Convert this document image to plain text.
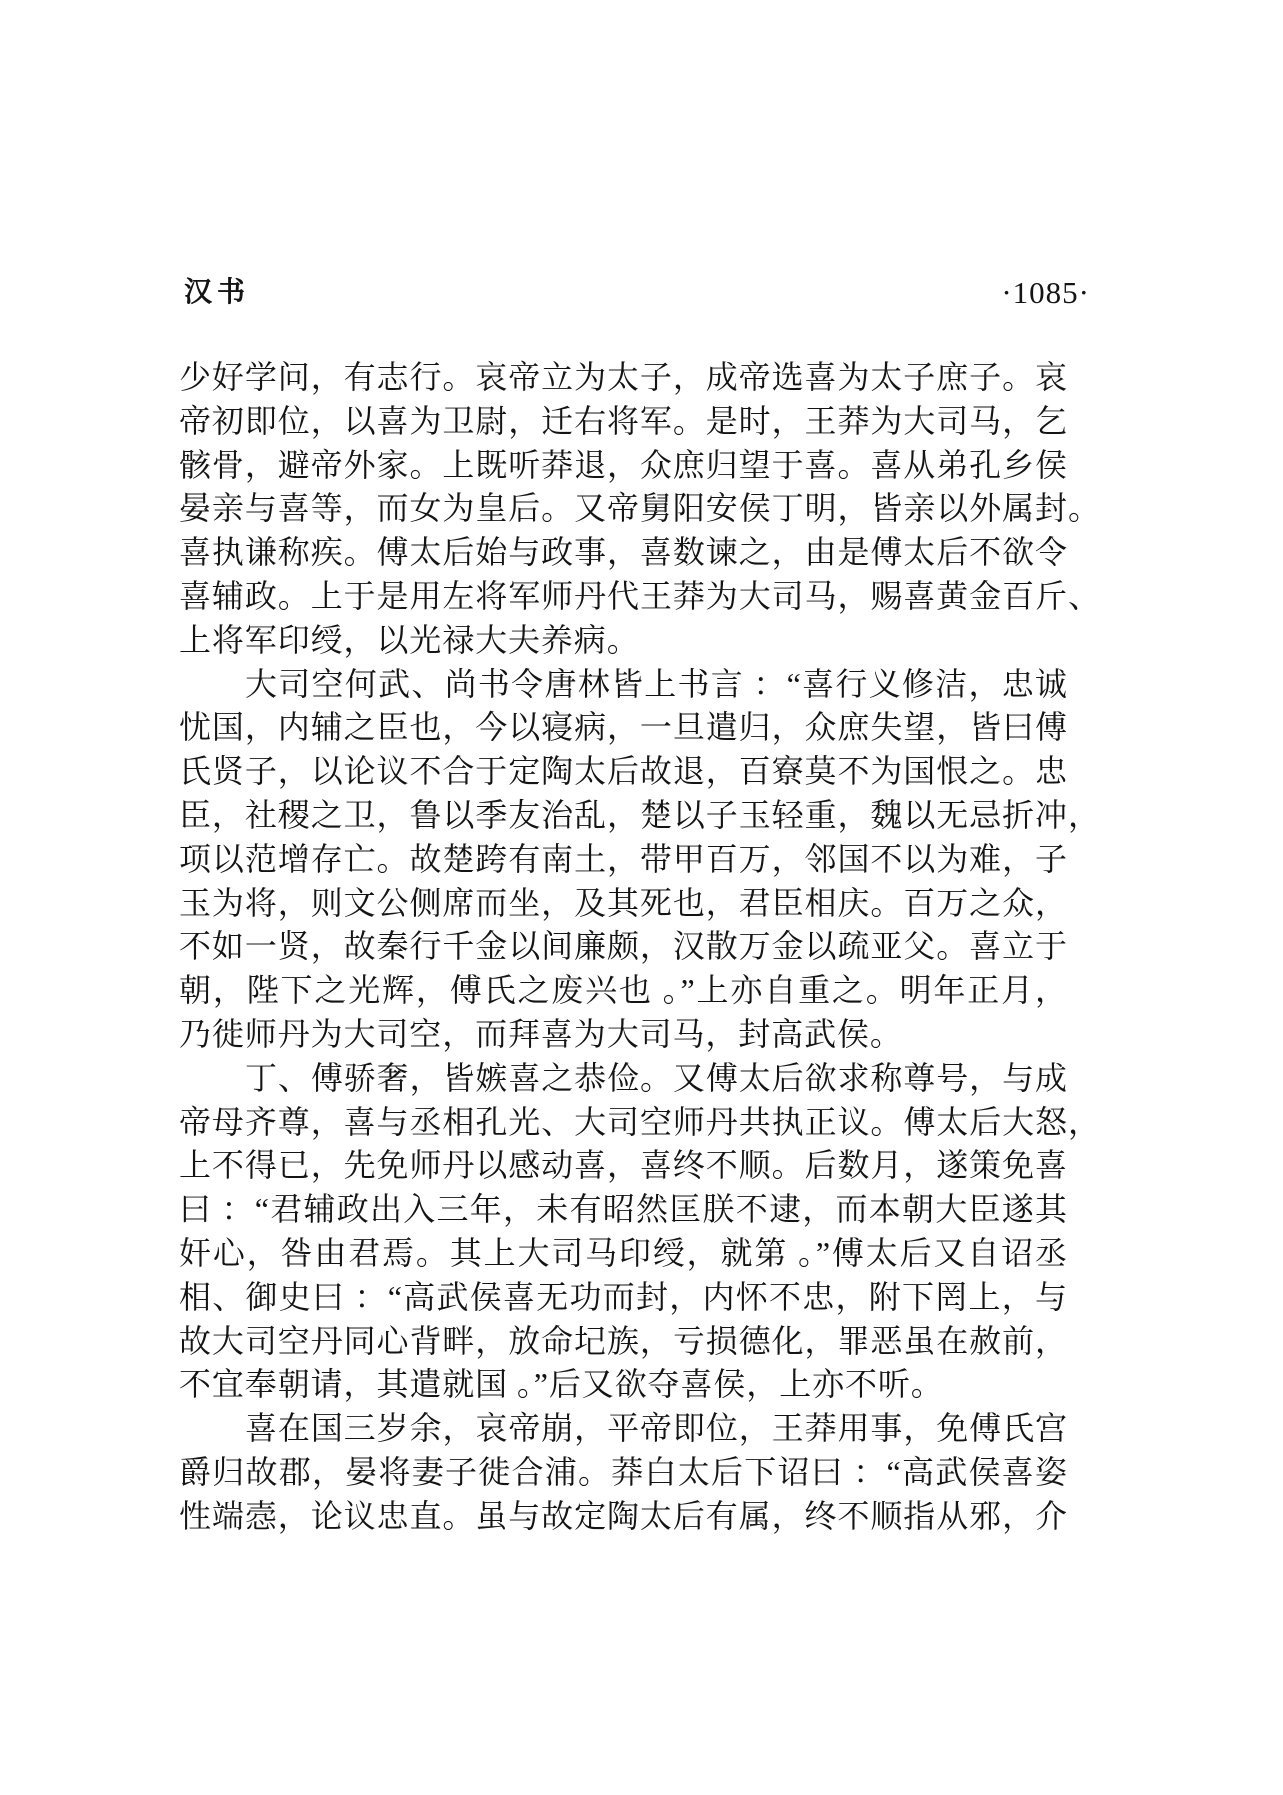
汉书	·1085·
少好学问，有志行。哀帝立为太子，成帝选喜为太子庶子。哀
帝初即位，以喜为卫尉，迁右将军。是时，王莽为大司马，乞
骸骨，避帝外家。上既听莽退，众庶归望于喜。喜从弟孔乡侯
晏亲与喜等，而女为皇后。又帝舅阳安侯丁明，皆亲以外属封。
喜执谦称疾。傅太后始与政事，喜数谏之，由是傅太后不欲令
喜辅政。上于是用左将军师丹代王莽为大司马，赐喜黄金百斤、
上将军印绶，以光禄大夫养病。
大司空何武、尚书令唐林皆上书言 ：“喜行义修洁，忠诚
忧国，内辅之臣也，今以寝病，一旦遣归，众庶失望，皆曰傅
氏贤子，以论议不合于定陶太后故退，百寮莫不为国恨之。忠
臣，社稷之卫，鲁以季友治乱，楚以子玉轻重，魏以无忌折冲，
项以范增存亡。故楚跨有南土，带甲百万，邻国不以为难，子
玉为将，则文公侧席而坐，及其死也，君臣相庆。百万之众，
不如一贤，故秦行千金以间廉颇，汉散万金以疏亚父。喜立于
朝，陛下之光辉，傅氏之废兴也 。”上亦自重之。明年正月，
乃徙师丹为大司空，而拜喜为大司马，封高武侯。
丁、傅骄奢，皆嫉喜之恭俭。又傅太后欲求称尊号，与成
帝母齐尊，喜与丞相孔光、大司空师丹共执正议。傅太后大怒，
上不得已，先免师丹以感动喜，喜终不顺。后数月，遂策免喜
曰 ：“君辅政出入三年，未有昭然匡朕不逮，而本朝大臣遂其
奸心，咎由君焉。其上大司马印绶，就第 。”傅太后又自诏丞
相、御史曰 ：“高武侯喜无功而封，内怀不忠，附下罔上，与
故大司空丹同心背畔，放命圮族，亏损德化，罪恶虽在赦前，
不宜奉朝请，其遣就国 。”后又欲夺喜侯，上亦不听。
喜在国三岁余，哀帝崩，平帝即位，王莽用事，免傅氏宫
爵归故郡，晏将妻子徙合浦。莽白太后下诏曰 ：“高武侯喜姿
性端悫，论议忠直。虽与故定陶太后有属，终不顺指从邪，介
